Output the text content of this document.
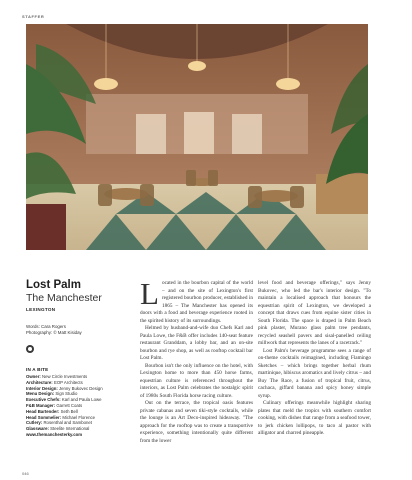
STAFFER
Lost Palm
The Manchester
LEXINGTON
Words: Cara Rogers
Photography: © Matt Kisiday
IN A BITE
Owner: New Circle Investments
Architecture: EOP Architects
Interior Design: Jenny Bukovec Design
Menu Design: Sign Studio
Executive Chefs: Karl and Paula Lowe
F&B Manager: Garrett Coats
Head Bartender: Seth Bell
Head Sommelier: Michael Florence
Cutlery: Rosenthal and Sambonet
Glassware: Steelite International
www.themanchesterky.com

Located in the bourbon capital of the world – and on the site of Lexington's first registered bourbon producer, established in 1865 – The Manchester has opened its doors with a food and beverage experience rooted in the spirited history of its surroundings.

Helmed by husband-and-wife duo Chefs Karl and Paula Lowe, the F&B offer includes 140-seat feature restaurant Granddam, a lobby bar, and an on-site bourbon and rye shop, as well as rooftop cocktail bar Lost Palm.

Bourbon isn't the only influence on the hotel, with Lexington home to more than 450 horse farms, equestrian culture is referenced throughout the interiors, as Lost Palm celebrates the nostalgic spirit of 1980s South Florida horse racing culture.

Out on the terrace, the tropical oasis features private cabanas and seven tiki-style cocktails, while the lounge is an Art Deco-inspired hideaway. "The approach for the rooftop was to create a transportive experience, something intentionally quite different from the lower

level food and beverage offerings," says Jenny Bukovec, who led the bar's interior design. "To maintain a localised approach that honours the equestrian spirit of Lexington, we developed a concept that draws cues from equine sister cities in South Florida. The space is draped in Palm Beach pink plaster, Murano glass palm tree pendants, recycled seashell pavers and sisal-panelled ceiling millwork that represents the lanes of a racetrack."

Lost Palm's beverage programme sees a range of on-theme cocktails reimagined, including Flamingo Sketches – which brings together herbal rhum martinique, hibiscus aromatics and lively citrus – and Buy The Race, a fusion of tropical fruit, citrus, cachaca, giffard banana and spicy honey simple syrup.

Culinary offerings meanwhile highlight sharing plates that meld the tropics with southern comfort cooking, with dishes that range from a seafood tower, to jerk chicken lollipops, to taco al pastor with alligator and charred pineapple.

046
